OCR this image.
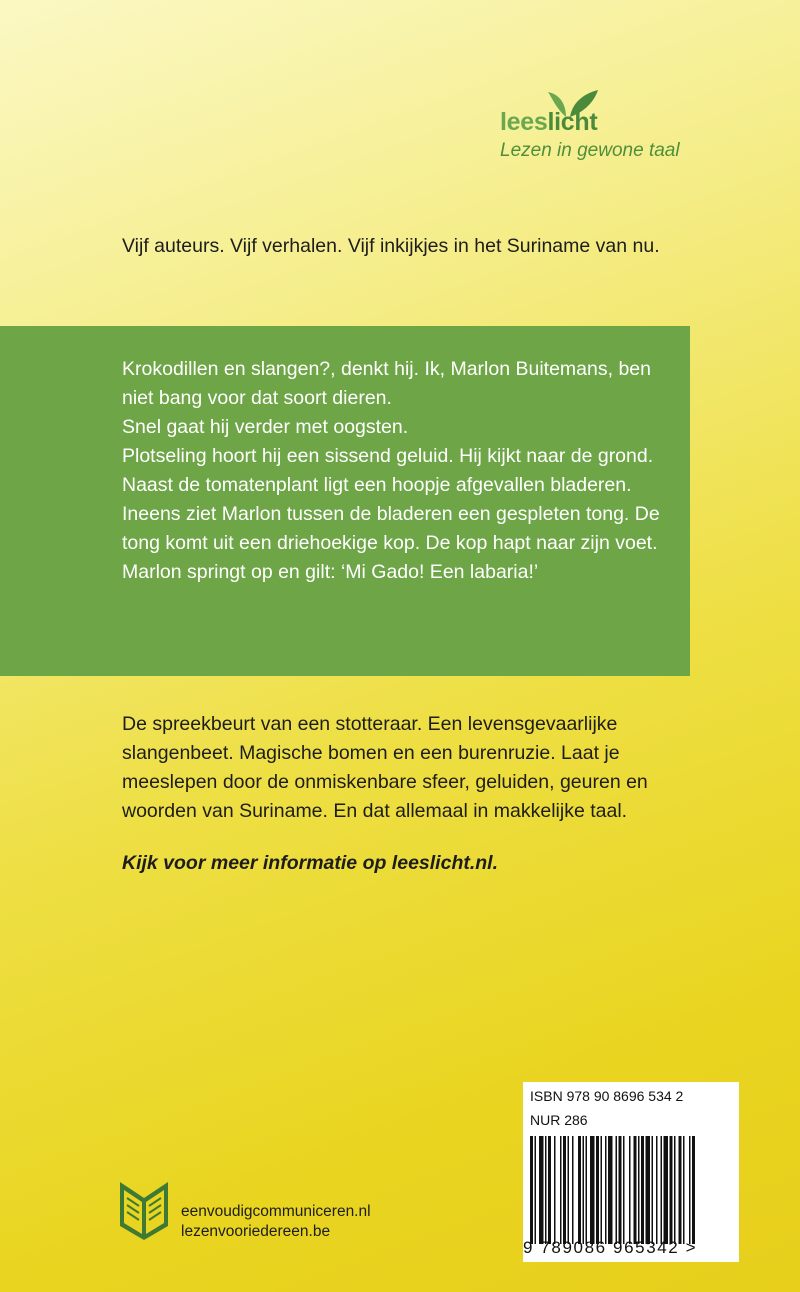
leeslicht
Lezen in gewone taal
Vijf auteurs. Vijf verhalen. Vijf inkijkjes in het Suriname van nu.

Krokodillen en slangen?, denkt hij. Ik, Marlon Buitemans, ben niet bang voor dat soort dieren.

Snel gaat hij verder met oogsten.

Plotseling hoort hij een sissend geluid. Hij kijkt naar de grond. Naast de tomatenplant ligt een hoopje afgevallen bladeren.

Ineens ziet Marlon tussen de bladeren een gespleten tong. De tong komt uit een driehoekige kop. De kop hapt naar zijn voet.

Marlon springt op en gilt: ‘Mi Gado! Een labaria!’

De spreekbeurt van een stotteraar. Een levensgevaarlijke slangenbeet. Magische bomen en een burenruzie. Laat je meeslepen door de onmiskenbare sfeer, geluiden, geuren en woorden van Suriname. En dat allemaal in makkelijke taal.
Kijk voor meer informatie op leeslicht.nl.
ISBN 978 90 8696 534 2
NUR 286
9 789086 965342 >
eenvoudigcommuniceren.nl
lezenvooriedereen.be
